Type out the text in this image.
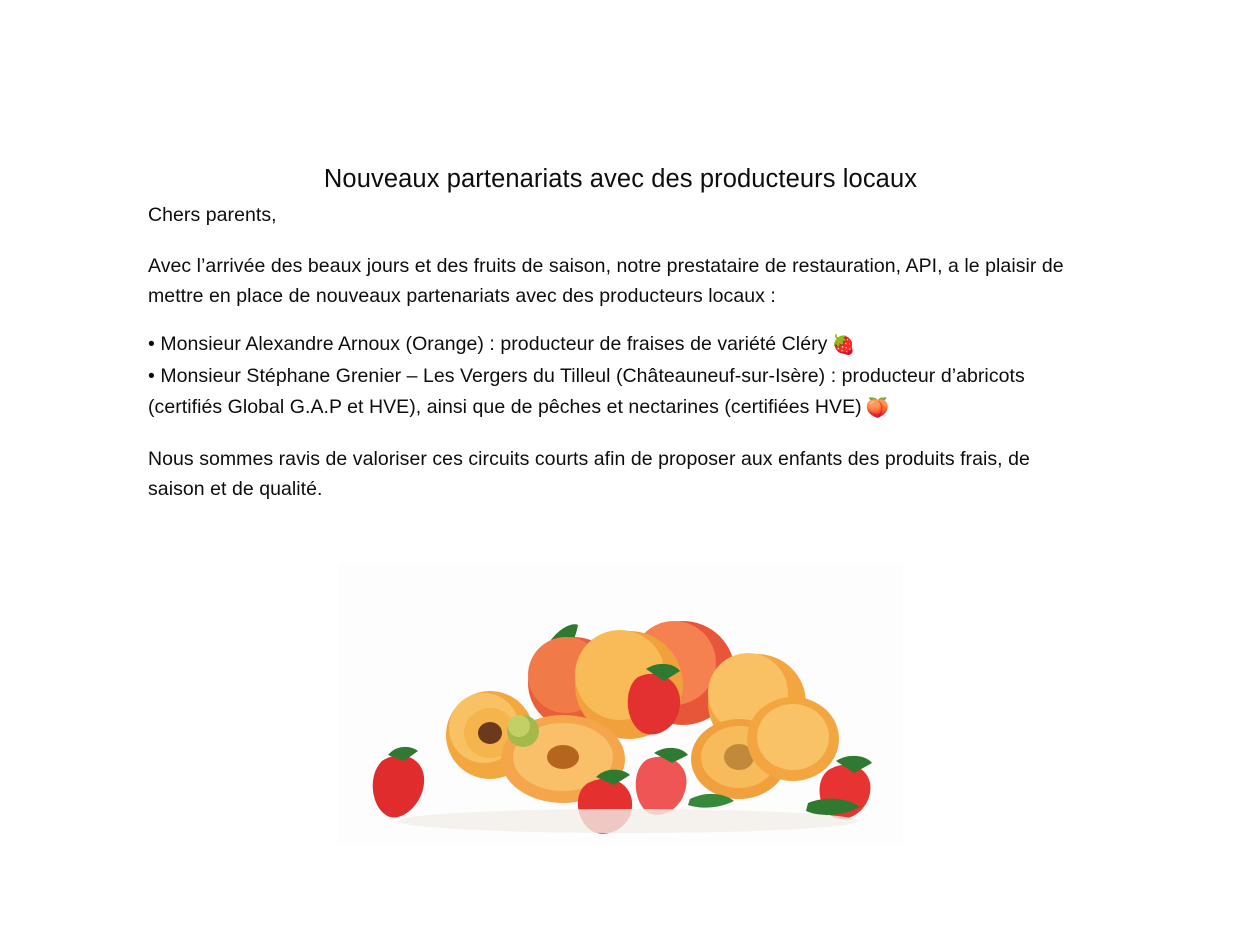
Nouveaux partenariats avec des producteurs locaux

Chers parents,

Avec l’arrivée des beaux jours et des fruits de saison, notre prestataire de restauration, API, a le plaisir de mettre en place de nouveaux partenariats avec des producteurs locaux :

• Monsieur Alexandre Arnoux (Orange) : producteur de fraises de variété Cléry 🍓

• Monsieur Stéphane Grenier – Les Vergers du Tilleul (Châteauneuf-sur-Isère) : producteur d’abricots (certifiés Global G.A.P et HVE), ainsi que de pêches et nectarines (certifiées HVE) 🍑

Nous sommes ravis de valoriser ces circuits courts afin de proposer aux enfants des produits frais, de saison et de qualité.
